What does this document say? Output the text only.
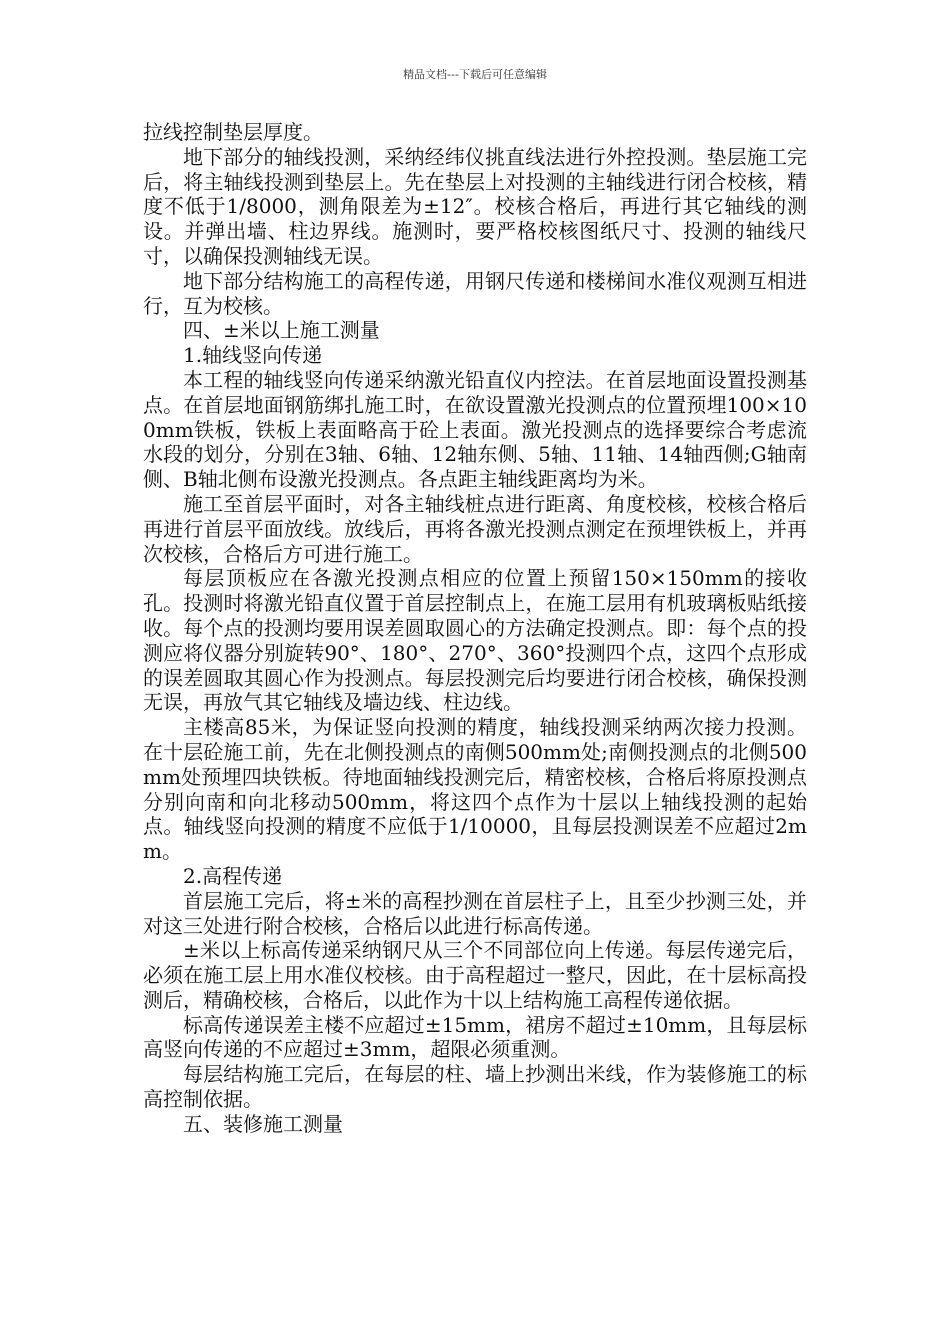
精品文档---下载后可任意编辑

拉线控制垫层厚度。

地下部分的轴线投测，采纳经纬仪挑直线法进行外控投测。垫层施工完后，将主轴线投测到垫层上。先在垫层上对投测的主轴线进行闭合校核，精度不低于1/8000，测角限差为±12″。校核合格后，再进行其它轴线的测设。并弹出墙、柱边界线。施测时，要严格校核图纸尺寸、投测的轴线尺寸，以确保投测轴线无误。

地下部分结构施工的高程传递，用钢尺传递和楼梯间水准仪观测互相进行，互为校核。

四、±米以上施工测量

1.轴线竖向传递

本工程的轴线竖向传递采纳激光铅直仪内控法。在首层地面设置投测基点。在首层地面钢筋绑扎施工时，在欲设置激光投测点的位置预埋100×100mm铁板，铁板上表面略高于砼上表面。激光投测点的选择要综合考虑流水段的划分，分别在3轴、6轴、12轴东侧、5轴、11轴、14轴西侧;G轴南侧、B轴北侧布设激光投测点。各点距主轴线距离均为米。

施工至首层平面时，对各主轴线桩点进行距离、角度校核，校核合格后再进行首层平面放线。放线后，再将各激光投测点测定在预埋铁板上，并再次校核，合格后方可进行施工。

每层顶板应在各激光投测点相应的位置上预留150×150mm的接收孔。投测时将激光铅直仪置于首层控制点上，在施工层用有机玻璃板贴纸接收。每个点的投测均要用误差圆取圆心的方法确定投测点。即：每个点的投测应将仪器分别旋转90°、180°、270°、360°投测四个点，这四个点形成的误差圆取其圆心作为投测点。每层投测完后均要进行闭合校核，确保投测无误，再放气其它轴线及墙边线、柱边线。

主楼高85米，为保证竖向投测的精度，轴线投测采纳两次接力投测。在十层砼施工前，先在北侧投测点的南侧500mm处;南侧投测点的北侧500mm处预埋四块铁板。待地面轴线投测完后，精密校核，合格后将原投测点分别向南和向北移动500mm，将这四个点作为十层以上轴线投测的起始点。轴线竖向投测的精度不应低于1/10000，且每层投测误差不应超过2mm。

2.高程传递

首层施工完后，将±米的高程抄测在首层柱子上，且至少抄测三处，并对这三处进行附合校核，合格后以此进行标高传递。

±米以上标高传递采纳钢尺从三个不同部位向上传递。每层传递完后，必须在施工层上用水准仪校核。由于高程超过一整尺，因此，在十层标高投测后，精确校核，合格后，以此作为十以上结构施工高程传递依据。

标高传递误差主楼不应超过±15mm，裙房不超过±10mm，且每层标高竖向传递的不应超过±3mm，超限必须重测。

每层结构施工完后，在每层的柱、墙上抄测出米线，作为装修施工的标高控制依据。

五、装修施工测量
